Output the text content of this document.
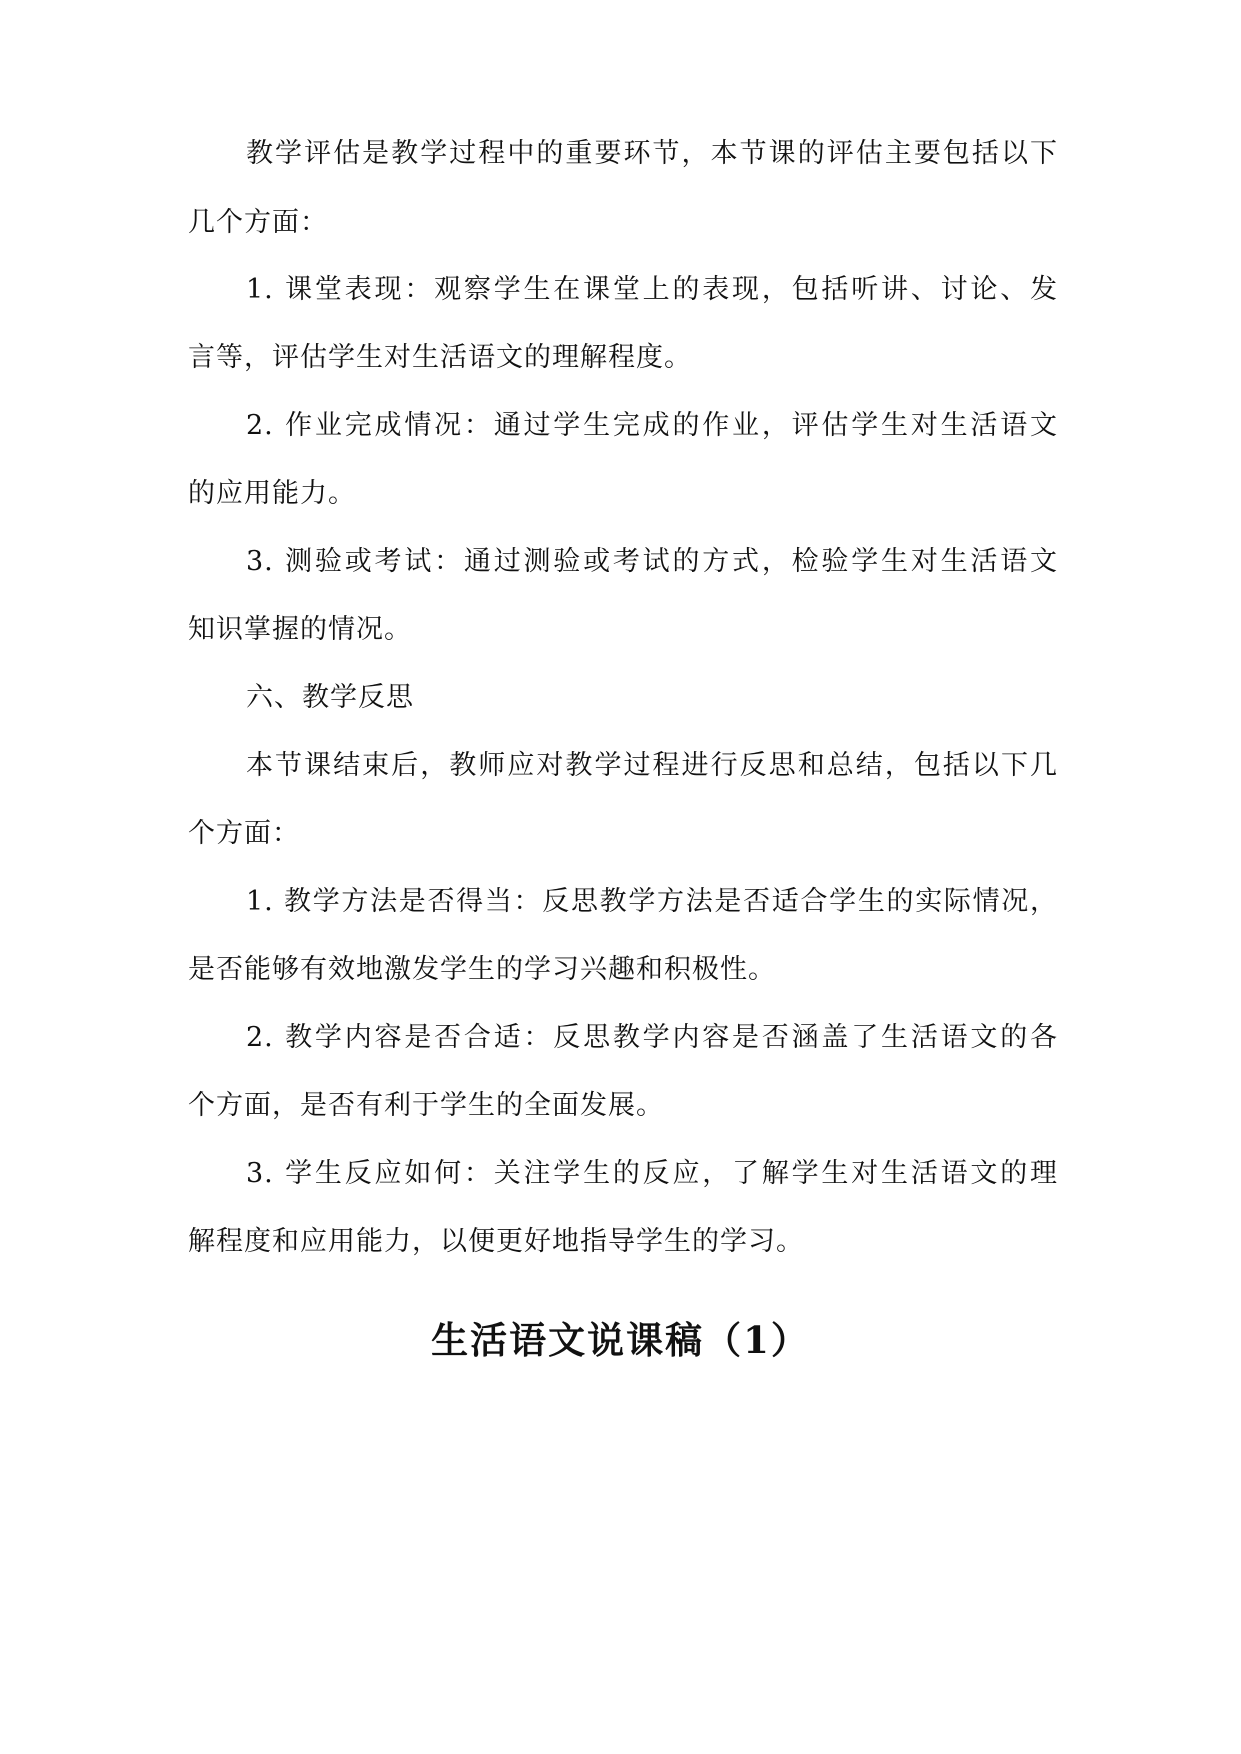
教学评估是教学过程中的重要环节，本节课的评估主要包括以下
几个方面：
1. 课堂表现：观察学生在课堂上的表现，包括听讲、讨论、发
言等，评估学生对生活语文的理解程度。
2. 作业完成情况：通过学生完成的作业，评估学生对生活语文
的应用能力。
3. 测验或考试：通过测验或考试的方式，检验学生对生活语文
知识掌握的情况。
六、教学反思
本节课结束后，教师应对教学过程进行反思和总结，包括以下几
个方面：
1. 教学方法是否得当：反思教学方法是否适合学生的实际情况，
是否能够有效地激发学生的学习兴趣和积极性。
2. 教学内容是否合适：反思教学内容是否涵盖了生活语文的各
个方面，是否有利于学生的全面发展。
3. 学生反应如何：关注学生的反应，了解学生对生活语文的理
解程度和应用能力，以便更好地指导学生的学习。
生活语文说课稿（1）
